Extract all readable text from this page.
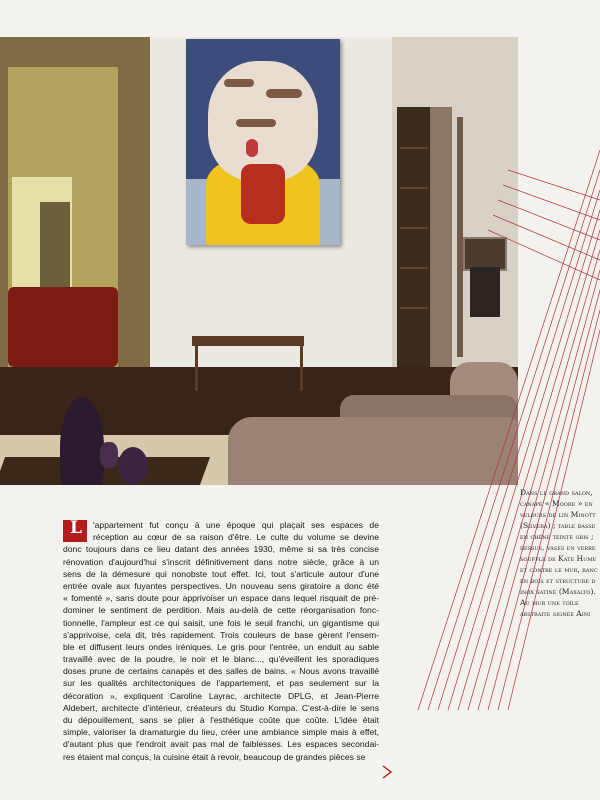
Dans le grand salon,
canapé « Moore » en
velours de lin Minott
(Silvera) ; table basse
en chêne teinté gris ;
dessus, vases en verre
soufflé de Kate Hume
et contre le mur, banc
en bois et structure d
inox satiné (Maxalto).
Au mur une toile
abstraite signée Aini
L 'appartement fut conçu à une époque qui plaçait ses espaces de
réception au cœur de sa raison d'être. Le culte du volume se devine
donc toujours dans ce lieu datant des années 1930, même si sa très concise
rénovation d'aujourd'hui s'inscrit définitivement dans notre siècle, grâce à un
sens de la démesure qui nonobste tout effet. Ici, tout s'articule autour d'une
entrée ovale aux fuyantes perspectives. Un nouveau sens giratoire a donc été
« fomenté », sans doute pour apprivoiser un espace dans lequel risquait de pré-
dominer le sentiment de perdition. Mais au-delà de cette réorganisation fonc-
tionnelle, l'ampleur est ce qui saisit, une fois le seuil franchi, un gigantisme qui
s'apprivoise, cela dit, très rapidement. Trois couleurs de base gèrent l'ensem-
ble et diffusent leurs ondes iréniques. Le gris pour l'entrée, un enduit au sable
travaillé avec de la poudre, le noir et le blanc..., qu'éveillent les sporadiques
doses prune de certains canapés et des salles de bains. « Nous avons travaillé
sur les qualités architectoniques de l'appartement, et pas seulement sur la
décoration », expliquent Caroline Layrac, architecte DPLG, et Jean-Pierre
Aldebert, architecte d'intérieur, créateurs du Studio Kompa. C'est-à-dire le sens
du dépouillement, sans se plier à l'esthétique coûte que coûte. L'idée était
simple, valoriser la dramaturgie du lieu, créer une ambiance simple mais à effet,
d'autant plus que l'endroit avait pas mal de faiblesses. Les espaces secondai-
res étaient mal conçus, la cuisine était à revoir, beaucoup de grandes pièces se
